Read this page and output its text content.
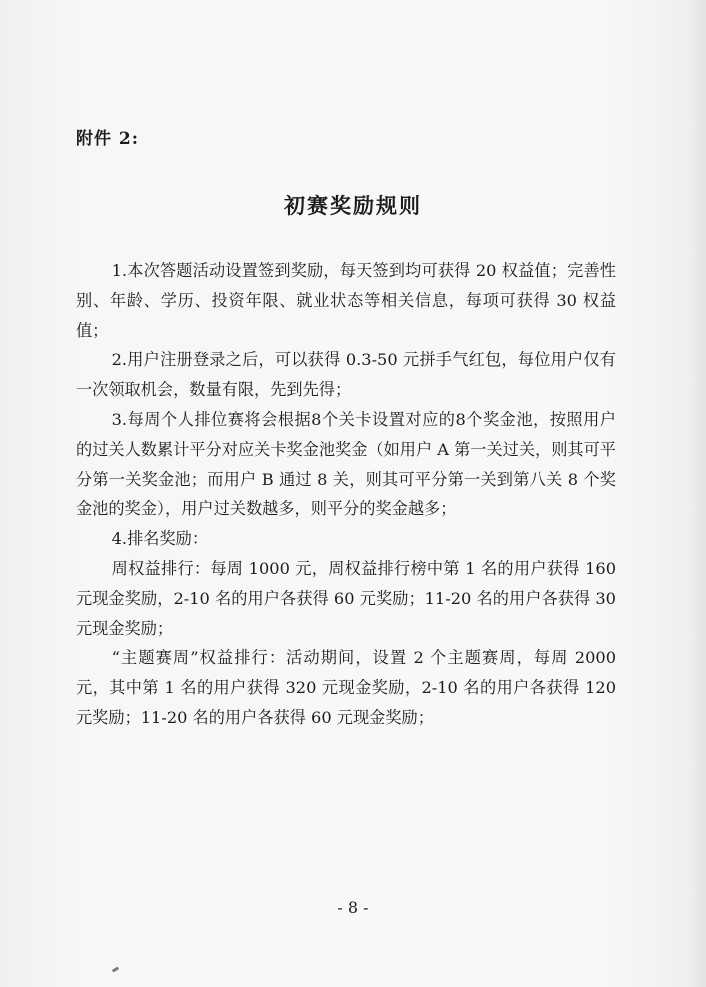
附件 2:
初赛奖励规则

1.本次答题活动设置签到奖励，每天签到均可获得 20 权益值；完善性别、年龄、学历、投资年限、就业状态等相关信息，每项可获得 30 权益值；

2.用户注册登录之后，可以获得 0.3-50 元拼手气红包，每位用户仅有一次领取机会，数量有限，先到先得；

3.每周个人排位赛将会根据8个关卡设置对应的8个奖金池，按照用户的过关人数累计平分对应关卡奖金池奖金（如用户 A 第一关过关，则其可平分第一关奖金池；而用户 B 通过 8 关，则其可平分第一关到第八关 8 个奖金池的奖金），用户过关数越多，则平分的奖金越多；

4.排名奖励：

周权益排行：每周 1000 元，周权益排行榜中第 1 名的用户获得 160 元现金奖励，2-10 名的用户各获得 60 元奖励；11-20 名的用户各获得 30 元现金奖励；

“主题赛周”权益排行：活动期间，设置 2 个主题赛周，每周 2000 元，其中第 1 名的用户获得 320 元现金奖励，2-10 名的用户各获得 120 元奖励；11-20 名的用户各获得 60 元现金奖励；

- 8 -
